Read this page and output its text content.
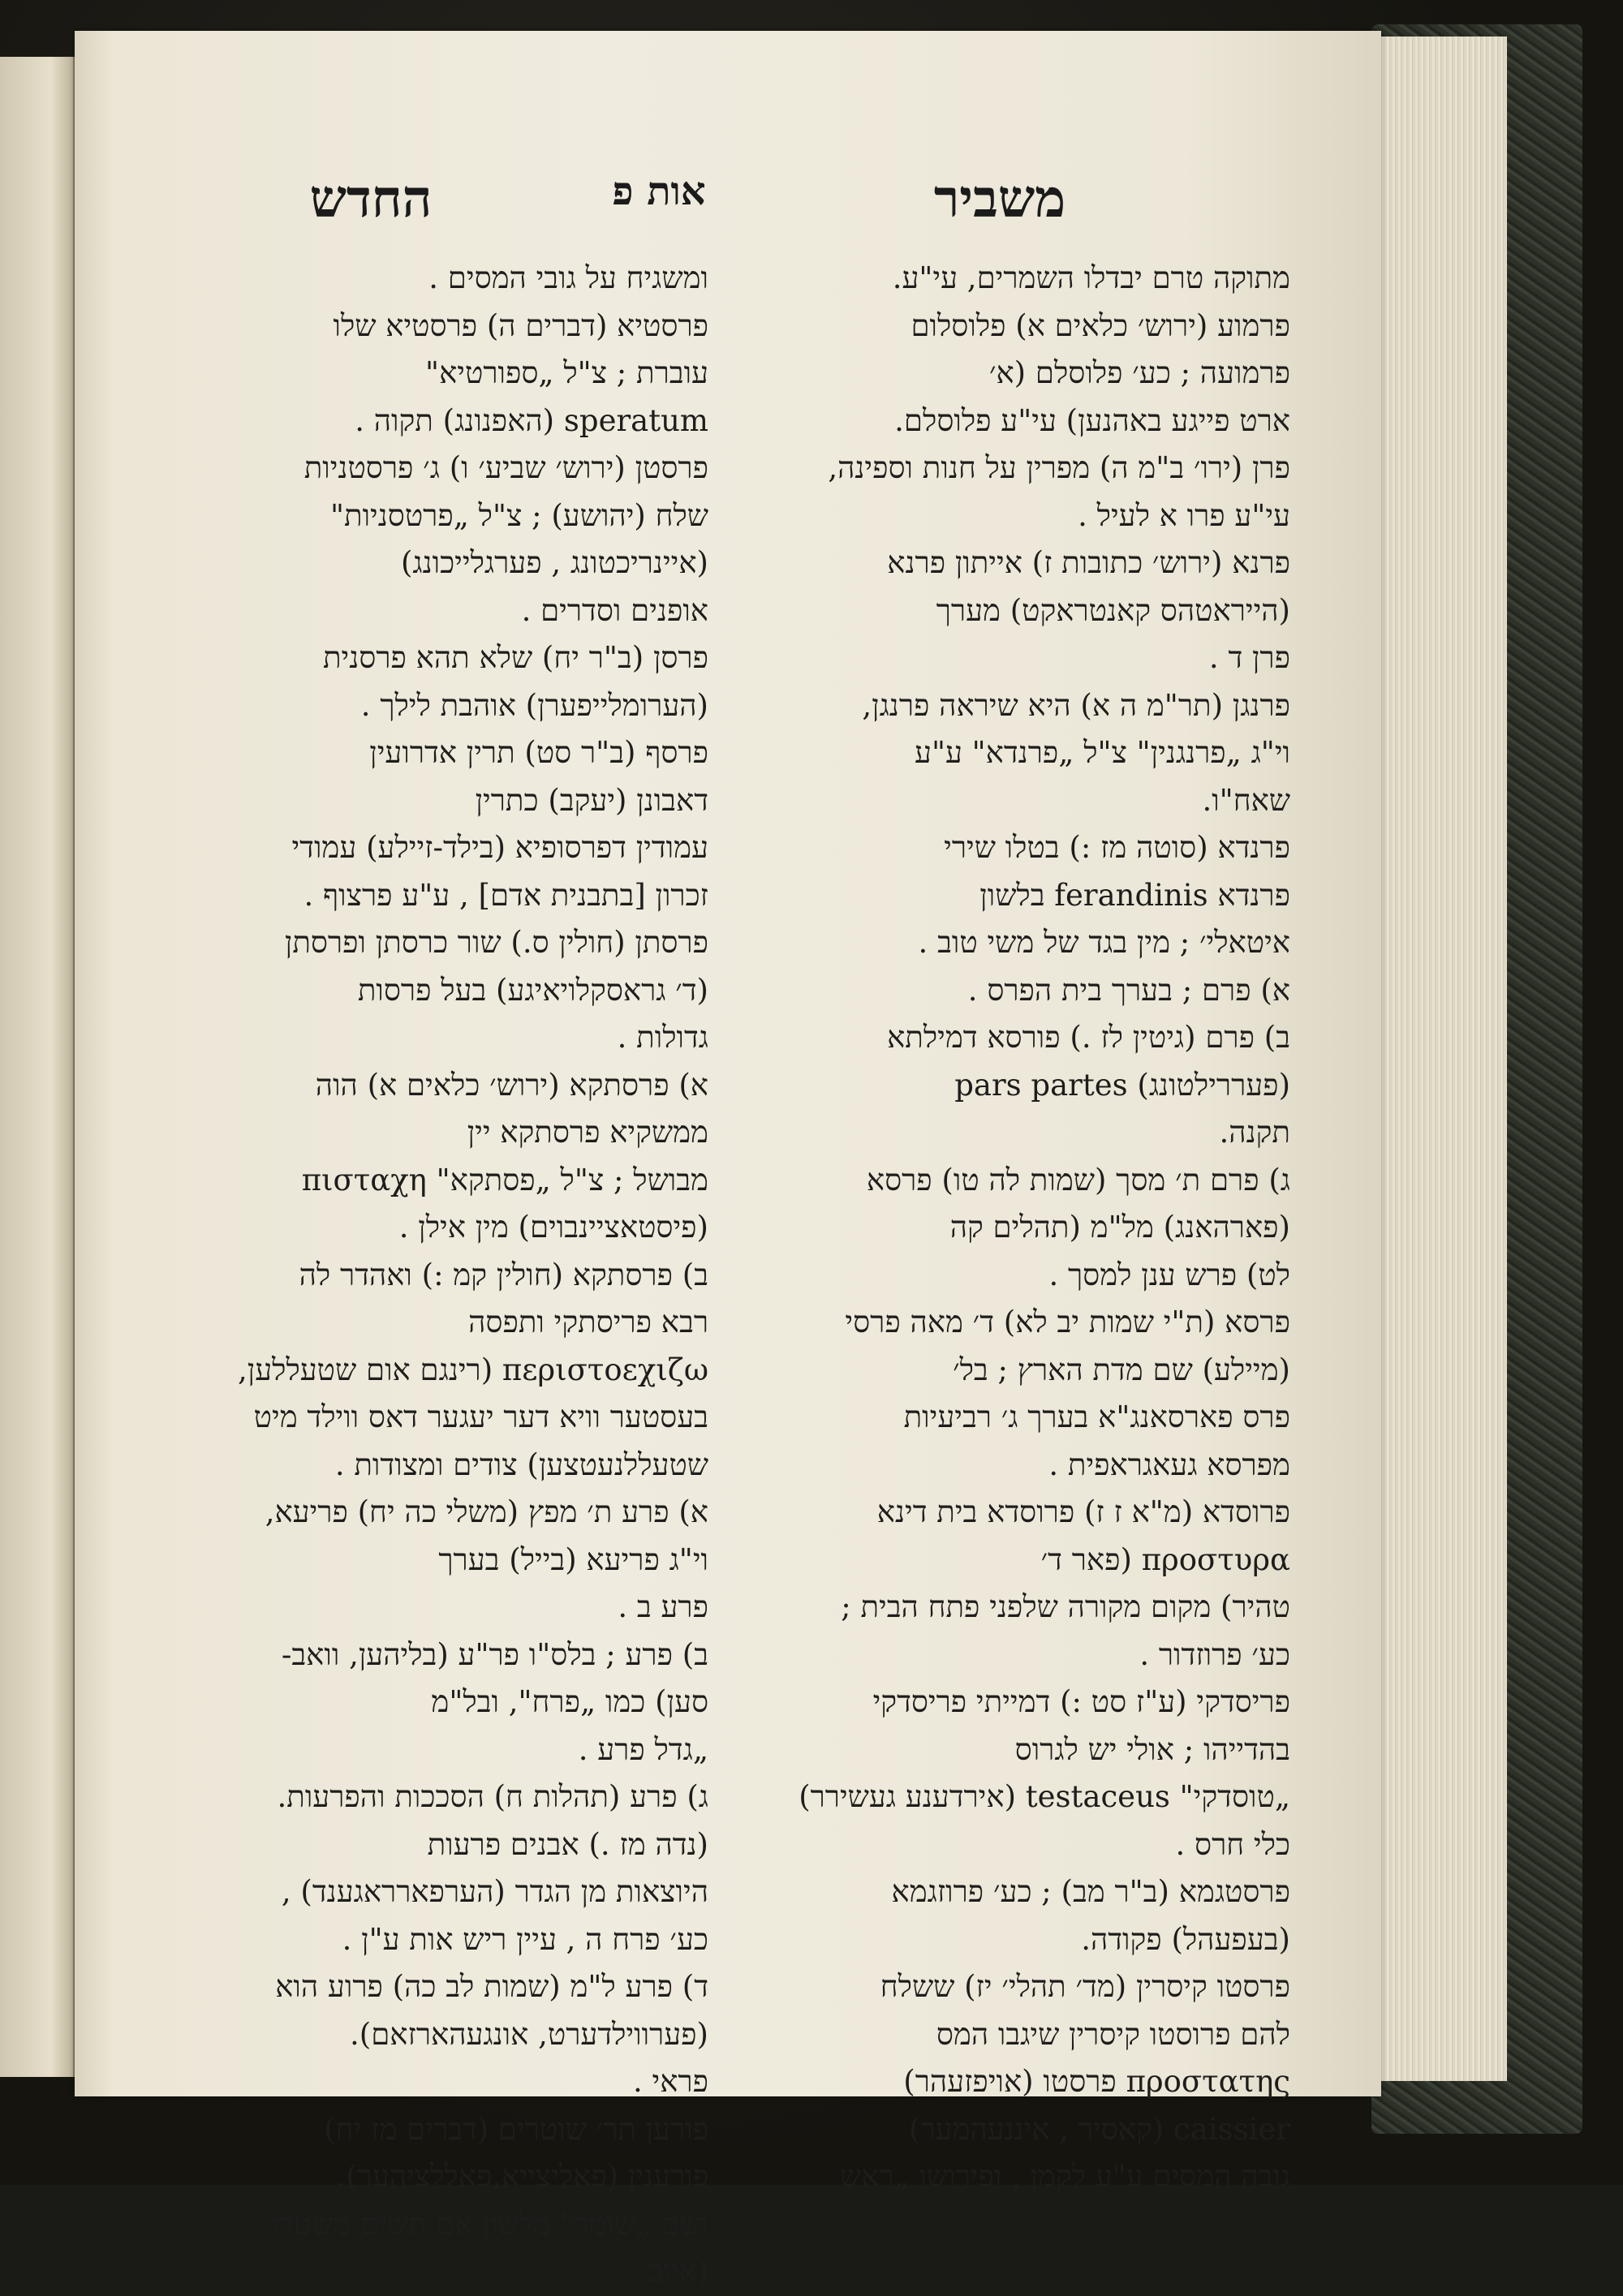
משביר
אות פ
החדש
מתוקה טרם יבדלו השמרים, עי"ע.
פרמוע (ירוש׳ כלאים א) פלוסלום
פרמועה ; כע׳ פלוסלם (א׳
ארט פייגע באהנען) עי"ע פלוסלם.
פרן (ירו׳ ב"מ ה) מפרין על חנות וספינה,
עי"ע פרו א לעיל .
פרנא (ירוש׳ כתובות ז) אייתון פרנא
(הייראטהס קאנטראקט) מערך
פרן ד .
פרנגן (תר"מ ה א) היא שיראה פרנגן,
וי"ג „פרנגנין" צ"ל „פרנדא" ע"ע
שאח"ו.
פרנדא (סוטה מז :) בטלו שירי
פרנדא ferandinis בלשון
איטאלי׳ ; מין בגד של משי טוב .
א) פרם ; בערך בית הפרס .
ב) פרם (גיטין לז .) פורסא דמילתא
(פעררילטונג) pars partes
תקנה.
ג) פרם ת׳ מסך (שמות לה טו) פרסא
(פארהאנג) מל"מ (תהלים קה
לט) פרש ענן למסך .
פרסא (ת"י שמות יב לא) ד׳ מאה פרסי
(מיילע) שם מדת הארץ ; בל׳
פרס פארסאנג"א בערך ג׳ רביעיות
מפרסא געאגראפית .
פרוסדא (מ"א ז ז) פרוסדא בית דינא
προστυρα (פאר ד׳
טהיר) מקום מקורה שלפני פתח הבית ;
כע׳ פרוזדור .
פריסדקי (ע"ז סט :) דמייתי פריסדקי
בהדייהו ; אולי יש לגרוס
„טוסדקי" testaceus (אירדענע געשירר)
כלי חרס .
פרסטגמא (ב"ר מב) ; כע׳ פרוזגמא
(בעפעהל) פקודה.
פרסטו קיסרין (מד׳ תהלי׳ יז) ששלח
להם פרוסטו קיסרין שיגבו המס
προστατης פרסטו (אויפזעהר)
caissier (קאסיר , איננעהמער)
גובה המסים ע"ע לקמן , ופירושו „ראש
ומשגיח על גובי המסים .
פרסטיא (דברים ה) פרסטיא שלו
עוברת ; צ"ל „ספורטיא"
speratum (האפנונג) תקוה .
פרסטן (ירוש׳ שביע׳ ו) ג׳ פרסטניות
שלח (יהושע) ; צ"ל „פרטסניות"
(איינריכטונג , פערגלייכונג)
אופנים וסדרים .
פרסן (ב"ר יח) שלא תהא פרסנית
(הערומלייפערן) אוהבת לילך .
פרסף (ב"ר סט) תרין אדרועין
דאבונן (יעקב) כתרין
עמודין דפרסופיא (בילד-זיילע) עמודי
זכרון [בתבנית אדם] , ע"ע פרצוף .
פרסתן (חולין ס.) שור כרסתן ופרסתן
(ד׳ גראסקלויאיגע) בעל פרסות
גדולות .
א) פרסתקא (ירוש׳ כלאים א) הוה
ממשקיא פרסתקא יין
מבושל ; צ"ל „פסתקא" πισταχη
(פיסטאציינבוים) מין אילן .
ב) פרסתקא (חולין קמ :) ואהדר לה
רבא פריסתקי ותפסה
περιστοεχιζω (רינגם אום שטעללען,
בעסטער וויא דער יעגער דאס ווילד מיט
שטעללנעטצען) צודים ומצודות .
א) פרע ת׳ מפץ (משלי כה יח) פריעא,
וי"ג פריעא (בייל) בערך
פרע ב .
ב) פרע ; בלס"ו פר"ע (בליהען, וואב-
סען) כמו „פרח", ובל"מ
„גדל פרע .
ג) פרע (תהלות ח) הסככות והפרעות.
(נדה מז .) אבנים פרעות
היוצאות מן הגדר (הערפארראגענד) ,
כע׳ פרח ה , עיין ריש אות ע"ן .
ד) פרע ל"מ (שמות לב כה) פרוע הוא
(פערווילדערט, אונגעהארזאם).
פראי .
פורען תר׳ שוטרים (דברים מז יח)
פורענין (פאליצייא,פאללציהער).
ושם „שומר" מלשון אם תשים משטרו
(איוב
